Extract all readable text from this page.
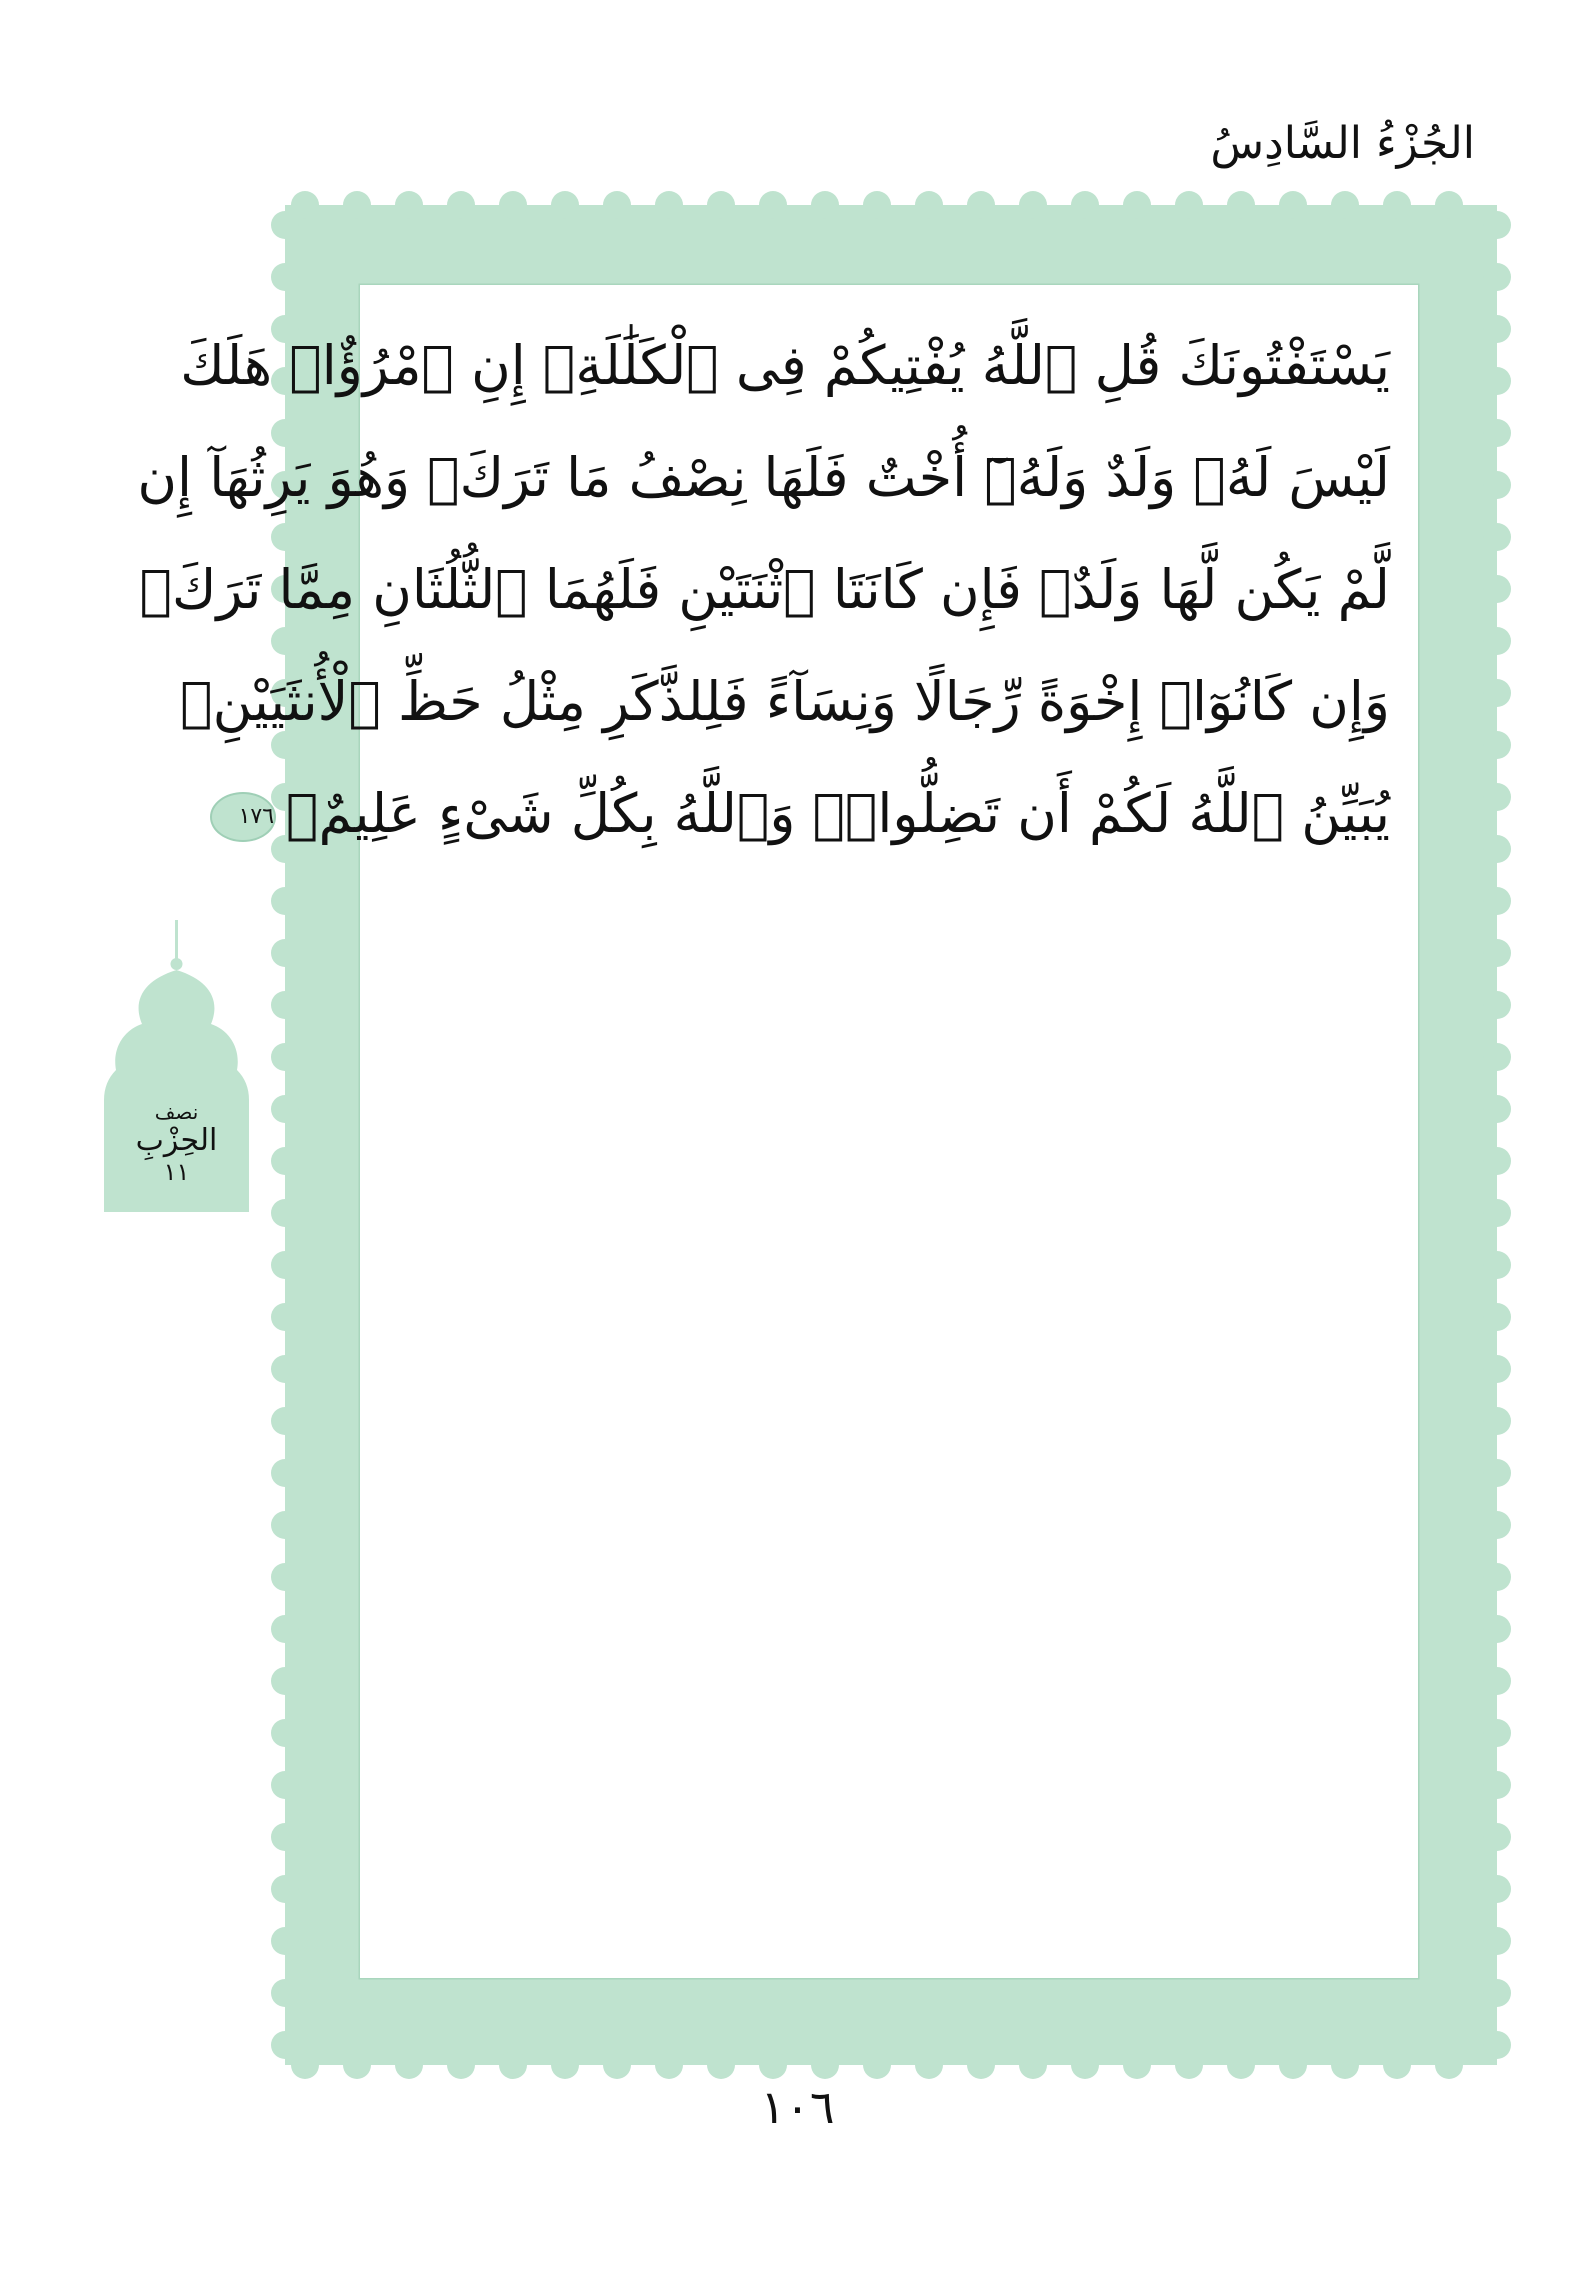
الجُزْءُ السَّادِسُ
يَسْتَفْتُونَكَ قُلِ ٱللَّهُ يُفْتِيكُمْ فِى ٱلْكَلَٰلَةِۚ إِنِ ٱمْرُؤٌا۟ هَلَكَ
لَيْسَ لَهُۥ وَلَدٌ وَلَهُۥٓ أُخْتٌ فَلَهَا نِصْفُ مَا تَرَكَۚ وَهُوَ يَرِثُهَآ إِن
لَّمْ يَكُن لَّهَا وَلَدٌۚ فَإِن كَانَتَا ٱثْنَتَيْنِ فَلَهُمَا ٱلثُّلُثَانِ مِمَّا تَرَكَۚ
وَإِن كَانُوٓا۟ إِخْوَةً رِّجَالًا وَنِسَآءً فَلِلذَّكَرِ مِثْلُ حَظِّ ٱلْأُنثَيَيْنِۗ
يُبَيِّنُ ٱللَّهُ لَكُمْ أَن تَضِلُّوا۟ۗ وَٱللَّهُ بِكُلِّ شَىْءٍ عَلِيمٌۢ١٧٦
نصف
الحِزْبِ
١١
١٠٦
